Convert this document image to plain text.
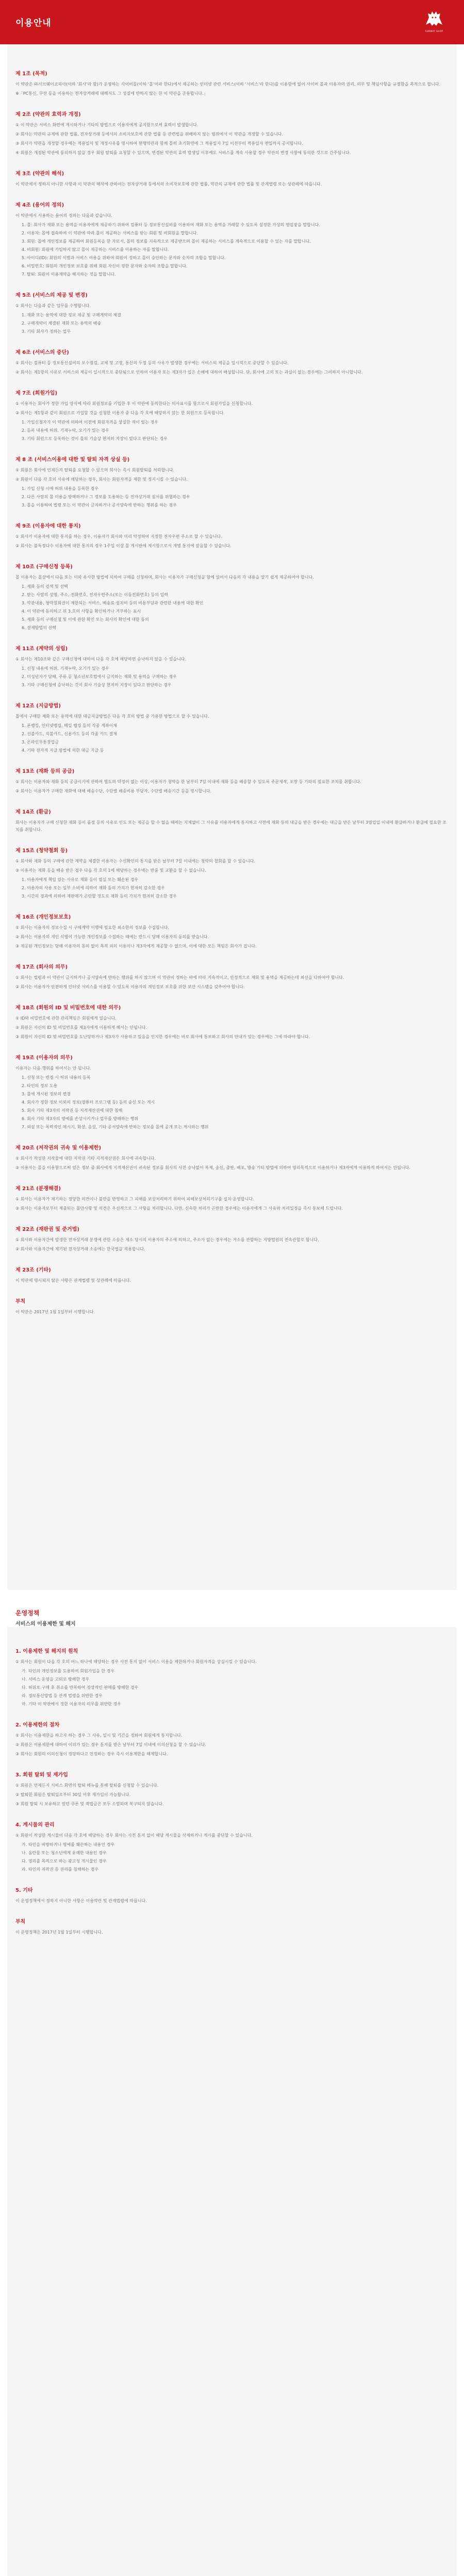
이용안내
SUBWAY SHOP
제 1조 (목적)

이 약관은 ㈜서브웨이코리아(이하 ‘회사’라 함)가 운영하는 사이버몰(이하 ‘몰’이라 한다)에서 제공하는 인터넷 관련 서비스(이하 ‘서비스’라 한다)를 이용함에 있어 사이버 몰과 이용자의 권리, 의무 및 책임사항을 규정함을 목적으로 합니다.

※「PC통신, 무선 등을 이용하는 전자상거래에 대해서도 그 성질에 반하지 않는 한 이 약관을 준용합니다.」

제 2조 (약관의 효력과 개정)

① 이 약관은 서비스 화면에 게시하거나 기타의 방법으로 이용자에게 공지함으로써 효력이 발생합니다.

② 회사는 약관의 규제에 관한 법률, 전자상거래 등에서의 소비자보호에 관한 법률 등 관련법을 위배하지 않는 범위에서 이 약관을 개정할 수 있습니다.

③ 회사가 약관을 개정할 경우에는 적용일자 및 개정사유를 명시하여 현행약관과 함께 몰의 초기화면에 그 적용일자 7일 이전부터 적용일자 전일까지 공지합니다.

④ 회원은 개정된 약관에 동의하지 않을 경우 회원 탈퇴를 요청할 수 있으며, 변경된 약관의 효력 발생일 이후에도 서비스를 계속 사용할 경우 약관의 변경 사항에 동의한 것으로 간주됩니다.

제 3조 (약관의 해석)

이 약관에서 정하지 아니한 사항과 이 약관의 해석에 관하여는 전자상거래 등에서의 소비자보호에 관한 법률, 약관의 규제에 관한 법률 및 관계법령 또는 상관례에 따릅니다.

제 4조 (용어의 정의)

이 약관에서 사용하는 용어의 정의는 다음과 같습니다.

1. 몰: 회사가 재화 또는 용역을 이용자에게 제공하기 위하여 컴퓨터 등 정보통신설비를 이용하여 재화 또는 용역을 거래할 수 있도록 설정한 가상의 영업장을 말합니다.
2. 이용자: 몰에 접속하여 이 약관에 따라 몰이 제공하는 서비스를 받는 회원 및 비회원을 말합니다.
3. 회원: 몰에 개인정보를 제공하여 회원등록을 한 자로서, 몰의 정보를 지속적으로 제공받으며 몰이 제공하는 서비스를 계속적으로 이용할 수 있는 자를 말합니다.
4. 비회원: 회원에 가입하지 않고 몰이 제공하는 서비스를 이용하는 자를 말합니다.
5. 아이디(ID): 회원의 식별과 서비스 이용을 위하여 회원이 정하고 몰이 승인하는 문자와 숫자의 조합을 말합니다.
6. 비밀번호: 회원의 개인정보 보호를 위해 회원 자신이 정한 문자와 숫자의 조합을 말합니다.
7. 탈퇴: 회원이 이용계약을 해지하는 것을 말합니다.
제 5조 (서비스의 제공 및 변경)

① 회사는 다음과 같은 업무를 수행합니다.

1. 재화 또는 용역에 대한 정보 제공 및 구매계약의 체결
2. 구매계약이 체결된 재화 또는 용역의 배송
3. 기타 회사가 정하는 업무
제 6조 (서비스의 중단)

① 회사는 컴퓨터 등 정보통신설비의 보수점검, 교체 및 고장, 통신의 두절 등의 사유가 발생한 경우에는 서비스의 제공을 일시적으로 중단할 수 있습니다.

② 회사는 제1항의 사유로 서비스의 제공이 일시적으로 중단됨으로 인하여 이용자 또는 제3자가 입은 손해에 대하여 배상합니다. 단, 회사에 고의 또는 과실이 없는 경우에는 그러하지 아니합니다.

제 7조 (회원가입)

① 이용자는 회사가 정한 가입 양식에 따라 회원정보를 기입한 후 이 약관에 동의한다는 의사표시를 함으로서 회원가입을 신청합니다.

② 회사는 제1항과 같이 회원으로 가입할 것을 신청한 이용자 중 다음 각 호에 해당하지 않는 한 회원으로 등록합니다.

1. 가입신청자가 이 약관에 의하여 이전에 회원자격을 상실한 적이 있는 경우
2. 등록 내용에 허위, 기재누락, 오기가 있는 경우
3. 기타 회원으로 등록하는 것이 몰의 기술상 현저히 지장이 있다고 판단되는 경우
제 8 조 (서비스이용에 대한 및 탈퇴 자격 상실 등)

① 회원은 회사에 언제든지 탈퇴를 요청할 수 있으며 회사는 즉시 회원탈퇴를 처리합니다.

② 회원이 다음 각 호의 사유에 해당하는 경우, 회사는 회원자격을 제한 및 정지시킬 수 있습니다.

1. 가입 신청 시에 허위 내용을 등록한 경우
2. 다른 사람의 몰 이용을 방해하거나 그 정보를 도용하는 등 전자상거래 질서를 위협하는 경우
3. 몰을 이용하여 법령 또는 이 약관이 금지하거나 공서양속에 반하는 행위를 하는 경우
제 9조 (이용자에 대한 통지)

① 회사가 이용자에 대한 통지를 하는 경우, 이용자가 회사와 미리 약정하여 지정한 전자우편 주소로 할 수 있습니다.

② 회사는 불특정다수 이용자에 대한 통지의 경우 1주일 이상 몰 게시판에 게시함으로서 개별 통지에 갈음할 수 있습니다.

제 10조 (구매신청 등록)

몰 이용자는 몰상에서 다음 또는 이와 유사한 방법에 의하여 구매를 신청하며, 회사는 이용자가 구매신청을 함에 있어서 다음의 각 내용을 알기 쉽게 제공하여야 합니다.

1. 재화 등의 검색 및 선택
2. 받는 사람의 성명, 주소, 전화번호, 전자우편주소(또는 이동전화번호) 등의 입력
3. 약관내용, 청약철회권이 제한되는 서비스, 배송료·설치비 등의 비용부담과 관련한 내용에 대한 확인
4. 이 약관에 동의하고 위 3.호의 사항을 확인하거나 거부하는 표시
5. 재화 등의 구매신청 및 이에 관한 확인 또는 회사의 확인에 대한 동의
6. 결제방법의 선택
제 11조 (계약의 성립)

① 회사는 제10조와 같은 구매신청에 대하여 다음 각 호에 해당하면 승낙하지 않을 수 있습니다.

1. 신청 내용에 허위, 기재누락, 오기가 있는 경우
2. 미성년자가 담배, 주류 등 청소년보호법에서 금지하는 재화 및 용역을 구매하는 경우
3. 기타 구매신청에 승낙하는 것이 회사 기술상 현저히 지장이 있다고 판단하는 경우
제 12조 (지급방법)

몰에서 구매한 재화 또는 용역에 대한 대금지급방법은 다음 각 호의 방법 중 가용한 방법으로 할 수 있습니다.

1. 폰뱅킹, 인터넷뱅킹, 메일 뱅킹 등의 각종 계좌이체
2. 선불카드, 직불카드, 신용카드 등의 각종 카드 결제
3. 온라인무통장입금
4. 기타 전자적 지급 방법에 의한 대금 지급 등
제 13조 (재화 등의 공급)

① 회사는 이용자와 재화 등의 공급시기에 관하여 별도의 약정이 없는 이상, 이용자가 청약을 한 날부터 7일 이내에 재화 등을 배송할 수 있도록 주문제작, 포장 등 기타의 필요한 조치를 취합니다.

② 회사는 이용자가 구매한 재화에 대해 배송수단, 수단별 배송비용 부담자, 수단별 배송기간 등을 명시합니다.

제 14조 (환급)

회사는 이용자가 구매 신청한 재화 등이 품절 등의 사유로 인도 또는 제공을 할 수 없을 때에는 지체없이 그 사유를 이용자에게 통지하고 사전에 재화 등의 대금을 받은 경우에는 대금을 받은 날부터 3영업일 이내에 환급하거나 환급에 필요한 조치를 취합니다.

제 15조 (청약철회 등)

① 회사와 재화 등의 구매에 관한 계약을 체결한 이용자는 수신확인의 통지를 받은 날부터 7일 이내에는 청약의 철회를 할 수 있습니다.

② 이용자는 재화 등을 배송 받은 경우 다음 각 호의 1에 해당하는 경우에는 반품 및 교환을 할 수 없습니다.

1. 이용자에게 책임 있는 사유로 재화 등이 멸실 또는 훼손된 경우
2. 이용자의 사용 또는 일부 소비에 의하여 재화 등의 가치가 현저히 감소한 경우
3. 시간의 경과에 의하여 재판매가 곤란할 정도로 재화 등의 가치가 현저히 감소한 경우
제 16조 (개인정보보호)

① 회사는 이용자의 정보수집 시 구매계약 이행에 필요한 최소한의 정보를 수집합니다.

② 회사는 이용자의 개인 식별이 가능한 개인정보를 수집하는 때에는 반드시 당해 이용자의 동의를 받습니다.

③ 제공된 개인정보는 당해 이용자의 동의 없이 목적 외의 이용이나 제3자에게 제공할 수 없으며, 이에 대한 모든 책임은 회사가 집니다.

제 17조 (회사의 의무)

① 회사는 법령과 이 약관이 금지하거나 공서양속에 반하는 행위를 하지 않으며 이 약관이 정하는 바에 따라 지속적이고, 안정적으로 재화 및 용역을 제공하는데 최선을 다하여야 합니다.

② 회사는 이용자가 안전하게 인터넷 서비스를 이용할 수 있도록 이용자의 개인정보 보호를 위한 보안 시스템을 갖추어야 합니다.

제 18조 (회원의 ID 및 비밀번호에 대한 의무)

① ID와 비밀번호에 관한 관리책임은 회원에게 있습니다.

② 회원은 자신의 ID 및 비밀번호를 제3자에게 이용하게 해서는 안됩니다.

③ 회원이 자신의 ID 및 비밀번호를 도난당하거나 제3자가 사용하고 있음을 인지한 경우에는 바로 회사에 통보하고 회사의 안내가 있는 경우에는 그에 따라야 합니다.

제 19조 (이용자의 의무)

이용자는 다음 행위를 하여서는 안 됩니다.

1. 신청 또는 변경 시 허위 내용의 등록
2. 타인의 정보 도용
3. 몰에 게시된 정보의 변경
4. 회사가 정한 정보 이외의 정보(컴퓨터 프로그램 등) 등의 송신 또는 게시
5. 회사 기타 제3자의 저작권 등 지적재산권에 대한 침해
6. 회사 기타 제3자의 명예를 손상시키거나 업무를 방해하는 행위
7. 외설 또는 폭력적인 메시지, 화상, 음성, 기타 공서양속에 반하는 정보를 몰에 공개 또는 게시하는 행위
제 20조 (저작권의 귀속 및 이용제한)

① 회사가 작성한 저작물에 대한 저작권 기타 지적재산권은 회사에 귀속합니다.

② 이용자는 몰을 이용함으로써 얻은 정보 중 회사에게 지적재산권이 귀속된 정보를 회사의 사전 승낙없이 복제, 송신, 출판, 배포, 방송 기타 방법에 의하여 영리목적으로 이용하거나 제3자에게 이용하게 하여서는 안됩니다.

제 21조 (분쟁해결)

① 회사는 이용자가 제기하는 정당한 의견이나 불만을 반영하고 그 피해를 보상처리하기 위하여 피해보상처리기구를 설치·운영합니다.

② 회사는 이용자로부터 제출되는 불만사항 및 의견은 우선적으로 그 사항을 처리합니다. 다만, 신속한 처리가 곤란한 경우에는 이용자에게 그 사유와 처리일정을 즉시 통보해 드립니다.

제 22조 (재판권 및 준거법)

① 회사와 이용자간에 발생한 전자상거래 분쟁에 관한 소송은 제소 당시의 이용자의 주소에 의하고, 주소가 없는 경우에는 거소를 관할하는 지방법원의 전속관할로 합니다.

② 회사와 이용자간에 제기된 전자상거래 소송에는 한국법을 적용합니다.

제 23조 (기타)

이 약관에 명시되지 않은 사항은 관계법령 및 상관례에 따릅니다.

부칙

이 약관은 2017년 1월 1일부터 시행합니다.

운영정책
서비스의 이용제한 및 해지
1. 이용제한 및 해지의 원칙

① 회사는 회원이 다음 각 호의 어느 하나에 해당하는 경우 사전 통지 없이 서비스 이용을 제한하거나 회원자격을 상실시킬 수 있습니다.

가. 타인의 개인정보를 도용하여 회원가입을 한 경우
나. 서비스 운영을 고의로 방해한 경우
다. 허위로 구매 후 취소를 반복하여 정상적인 판매를 방해한 경우
라. 정보통신망법 등 관계 법령을 위반한 경우
마. 기타 이 약관에서 정한 이용자의 의무를 위반한 경우
2. 이용제한의 절차

① 회사는 이용제한을 하고자 하는 경우 그 사유, 일시 및 기간을 정하여 회원에게 통지합니다.

② 회원은 이용제한에 대하여 이의가 있는 경우 통지를 받은 날부터 7일 이내에 이의신청을 할 수 있습니다.

③ 회사는 회원의 이의신청이 정당하다고 인정하는 경우 즉시 이용제한을 해제합니다.

3. 회원 탈퇴 및 재가입

① 회원은 언제든지 서비스 화면의 탈퇴 메뉴를 통해 탈퇴를 신청할 수 있습니다.

② 탈퇴한 회원은 탈퇴일로부터 30일 이후 재가입이 가능합니다.

③ 회원 탈퇴 시 보유하고 있던 쿠폰 및 적립금은 모두 소멸되며 복구되지 않습니다.

4. 게시물의 관리

① 회원이 작성한 게시물이 다음 각 호에 해당하는 경우 회사는 사전 통지 없이 해당 게시물을 삭제하거나 게시를 중단할 수 있습니다.

가. 타인을 비방하거나 명예를 훼손하는 내용인 경우
나. 음란물 또는 청소년에게 유해한 내용인 경우
다. 영리를 목적으로 하는 광고성 게시물인 경우
라. 타인의 저작권 등 권리를 침해하는 경우
5. 기타

이 운영정책에서 정하지 아니한 사항은 이용약관 및 관계법령에 따릅니다.

부칙

이 운영정책은 2017년 1월 1일부터 시행합니다.
